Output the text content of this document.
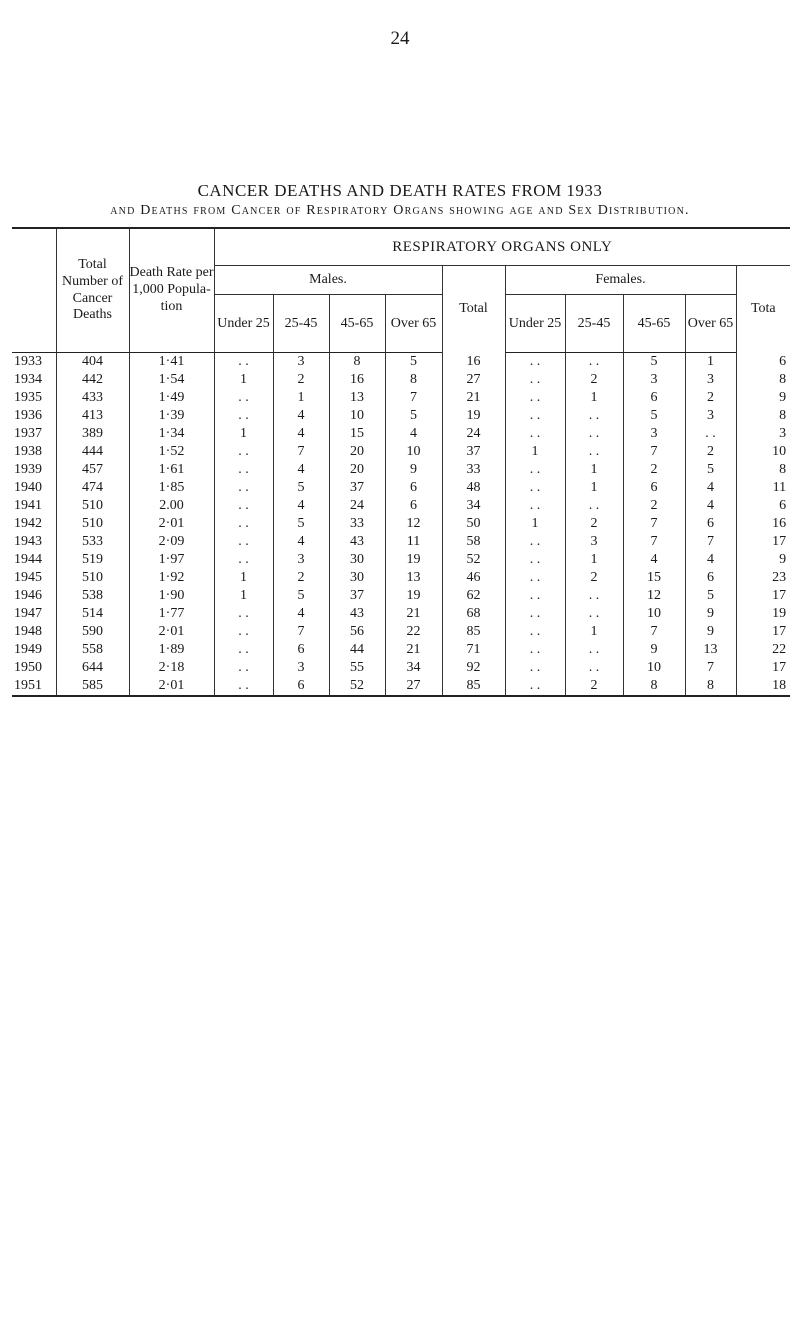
24
CANCER DEATHS AND DEATH RATES FROM 1933
and Deaths from Cancer of Respiratory Organs showing age and Sex Distribution.
	Total Number of Cancer Deaths	Death Rate per 1,000 Popula- tion	RESPIRATORY ORGANS ONLY									
			Males.				Total	Females.				Tota
			Under 25	25-45	45-65	Over 65		Under 25	25-45	45-65	Over 65	
1933	404	1·41	. .	3	8	5	16	. .	. .	5	1	6
1934	442	1·54	1	2	16	8	27	. .	2	3	3	8
1935	433	1·49	. .	1	13	7	21	. .	1	6	2	9
1936	413	1·39	. .	4	10	5	19	. .	. .	5	3	8
1937	389	1·34	1	4	15	4	24	. .	. .	3	. .	3
1938	444	1·52	. .	7	20	10	37	1	. .	7	2	10
1939	457	1·61	. .	4	20	9	33	. .	1	2	5	8
1940	474	1·85	. .	5	37	6	48	. .	1	6	4	11
1941	510	2.00	. .	4	24	6	34	. .	. .	2	4	6
1942	510	2·01	. .	5	33	12	50	1	2	7	6	16
1943	533	2·09	. .	4	43	11	58	. .	3	7	7	17
1944	519	1·97	. .	3	30	19	52	. .	1	4	4	9
1945	510	1·92	1	2	30	13	46	. .	2	15	6	23
1946	538	1·90	1	5	37	19	62	. .	. .	12	5	17
1947	514	1·77	. .	4	43	21	68	. .	. .	10	9	19
1948	590	2·01	. .	7	56	22	85	. .	1	7	9	17
1949	558	1·89	. .	6	44	21	71	. .	. .	9	13	22
1950	644	2·18	. .	3	55	34	92	. .	. .	10	7	17
1951	585	2·01	. .	6	52	27	85	. .	2	8	8	18
